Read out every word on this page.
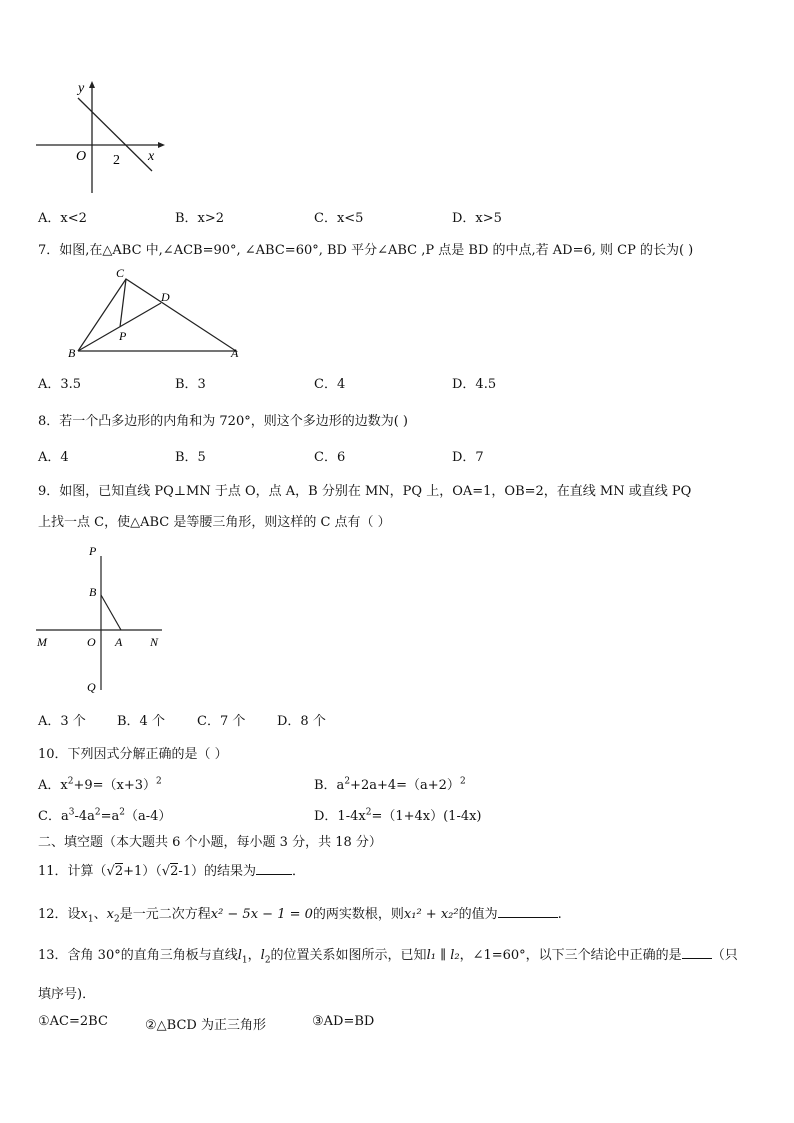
y
x
O 2
A．x<2	B．x>2	C．x<5	D．x>5
7．如图,在△ABC 中,∠ACB=90°, ∠ABC=60°, BD 平分∠ABC ,P 点是 BD 的中点,若 AD=6, 则 CP 的长为( )
C
D
P
B	A
A．3.5	B．3	C．4	D．4.5
8．若一个凸多边形的内角和为 720°，则这个多边形的边数为( )
A．4	B．5	C．6	D．7
9．如图，已知直线 PQ⊥MN 于点 O，点 A，B 分别在 MN，PQ 上，OA=1，OB=2，在直线 MN 或直线 PQ
上找一点 C，使△ABC 是等腰三角形，则这样的 C 点有（ ）
P
B
M	O A N
Q
A．3 个 B．4 个 C．7 个 D．8 个
10．下列因式分解正确的是（ ）
A．$x^2+9=(x+3)^2$	B．$a^2+2a+4=(a+2)^2$
C．$a^3-4a^2=a^2(a-4)$	D．$1-4x^2=(1+4x)(1-4x)$
二、填空题（本大题共 6 个小题，每小题 3 分，共 18 分）
11．计算（√2+1）（√2-1）的结果为	．
12．设$x_1$、$x_2$是一元二次方程x² − 5x − 1 = 0的两实数根，则x₁² + x₂²的值为	.
13．含角 30°的直角三角板与直线$l_1$，$l_2$的位置关系如图所示，已知l₁ ∥ l₂，∠1=60°，以下三个结论中正确的是 （只
填序号)．
①AC=2BC	②△BCD 为正三角形	③AD=BD
